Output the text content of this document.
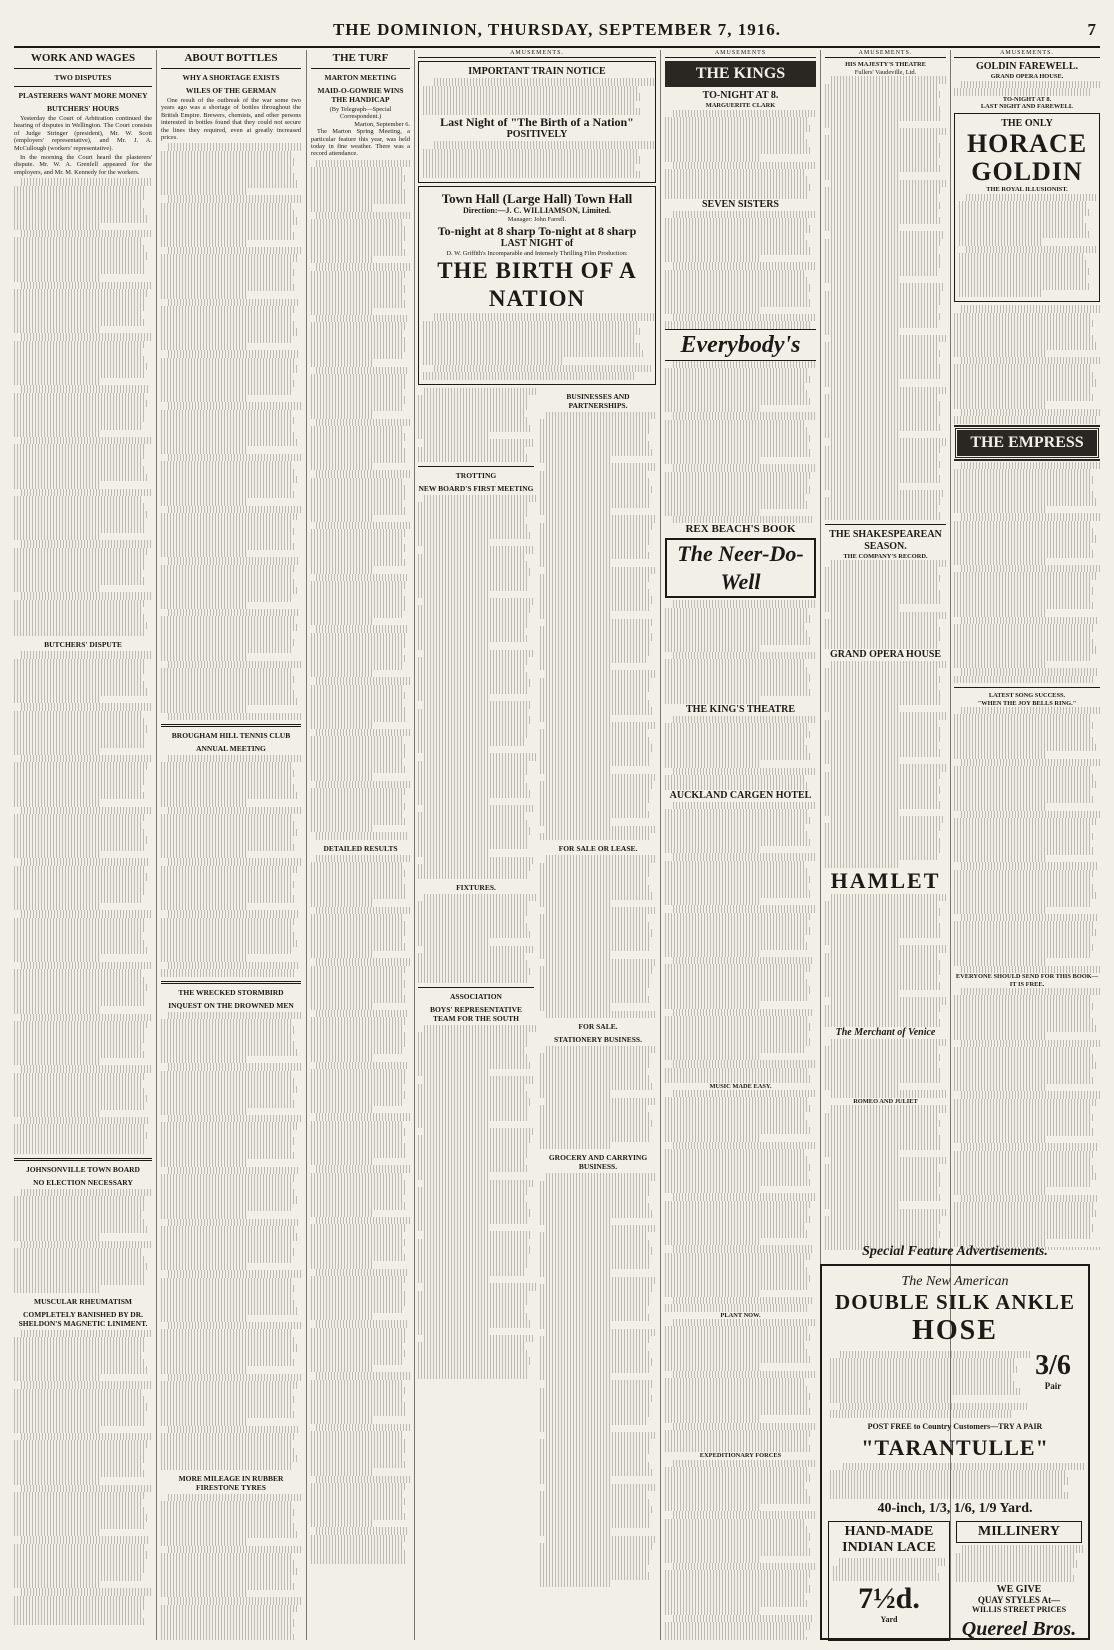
THE DOMINION, THURSDAY, SEPTEMBER 7, 1916.	7
WORK AND WAGES
TWO DISPUTES
PLASTERERS WANT MORE MONEY
BUTCHERS' HOURS

Yesterday the Court of Arbitration continued the hearing of disputes in Wellington. The Court consists of Judge Stringer (president), Mr. W. Scott (employers' representative), and Mr. J. A. McCullough (workers' representative).

In the morning the Court heard the plasterers' dispute. Mr. W. A. Grenfell appeared for the employers, and Mr. M. Kennedy for the workers.

BUTCHERS' DISPUTE
JOHNSONVILLE TOWN BOARD
NO ELECTION NECESSARY
MUSCULAR RHEUMATISM
COMPLETELY BANISHED BY DR. SHELDON'S MAGNETIC LINIMENT.
ABOUT BOTTLES
WHY A SHORTAGE EXISTS
WILES OF THE GERMAN

One result of the outbreak of the war some two years ago was a shortage of bottles throughout the British Empire. Brewers, chemists, and other persons interested in bottles found that they could not secure the lines they required, even at greatly increased prices.

BROUGHAM HILL TENNIS CLUB
ANNUAL MEETING
THE WRECKED STORMBIRD
INQUEST ON THE DROWNED MEN
MORE MILEAGE IN RUBBER FIRESTONE TYRES
THE TURF
MARTON MEETING
MAID-O-GOWRIE WINS THE HANDICAP
(By Telegraph—Special Correspondent.)
Marton, September 6.

The Marton Spring Meeting, a particular feature this year, was held today in fine weather. There was a record attendance.

DETAILED RESULTS
AMUSEMENTS.
IMPORTANT TRAIN NOTICE
Last Night of "The Birth of a Nation"
POSITIVELY
Town Hall (Large Hall) Town Hall
Direction:—J. C. WILLIAMSON, Limited.
Manager: John Farrell.
To-night at 8 sharp To-night at 8 sharp
LAST NIGHT of
D. W. Griffith's Incomparable and Intensely Thrilling Film Production:
THE BIRTH OF A NATION
TROTTING
NEW BOARD'S FIRST MEETING
FIXTURES.
ASSOCIATION
BOYS' REPRESENTATIVE TEAM FOR THE SOUTH
BUSINESSES AND PARTNERSHIPS.
FOR SALE OR LEASE.
FOR SALE.
STATIONERY BUSINESS.
GROCERY AND CARRYING BUSINESS.
AMUSEMENTS
THE KINGS
TO-NIGHT AT 8.
MARGUERITE CLARK
SEVEN SISTERS
Everybody's
REX BEACH'S BOOK
The Neer-Do-Well
THE KING'S THEATRE
AUCKLAND CARGEN HOTEL
MUSIC MADE EASY.
PLANT NOW.
EXPEDITIONARY FORCES
AMUSEMENTS.
HIS MAJESTY'S THEATRE
Fullers' Vaudeville, Ltd.
THE SHAKESPEAREAN SEASON.
THE COMPANY'S RECORD.
GRAND OPERA HOUSE
HAMLET
The Merchant of Venice
ROMEO AND JULIET
AMUSEMENTS.
GOLDIN FAREWELL.
GRAND OPERA HOUSE.
TO-NIGHT AT 8.
LAST NIGHT AND FAREWELL
THE ONLY
HORACE
GOLDIN
THE ROYAL ILLUSIONIST.
THE EMPRESS
LATEST SONG SUCCESS.
"WHEN THE JOY BELLS RING."
EVERYONE SHOULD SEND FOR THIS BOOK— IT IS FREE.
Special Feature Advertisements.
The New American
DOUBLE SILK ANKLE
HOSE
3/6
Pair
POST FREE to Country Customers—TRY A PAIR
"TARANTULLE"
40-inch, 1/3, 1/6, 1/9 Yard.
HAND-MADE
INDIAN LACE
7½d.
Yard
MILLINERY
WE GIVE
QUAY STYLES At—
WILLIS STREET PRICES
Quereel Bros.
